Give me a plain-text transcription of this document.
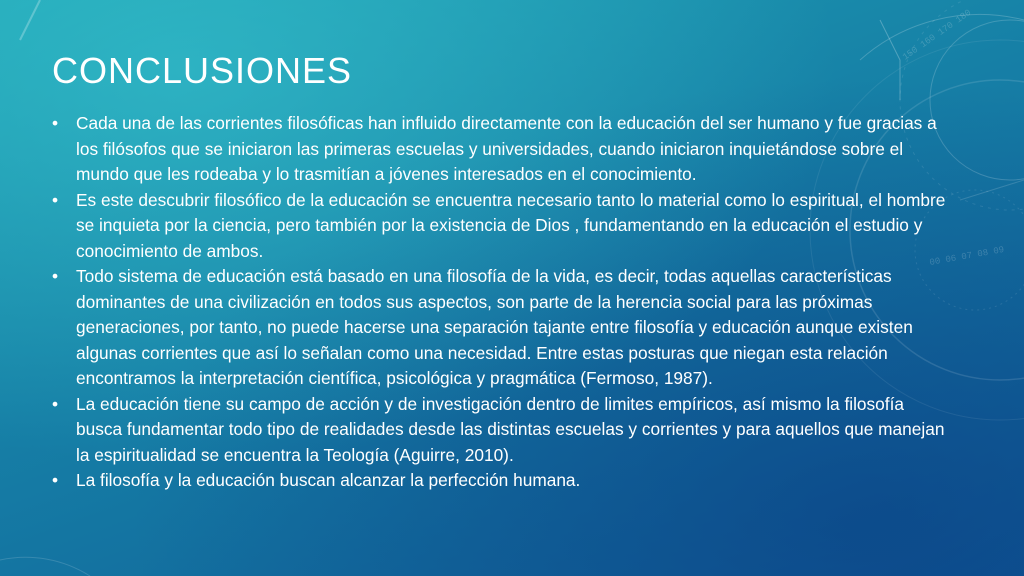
150 160 170 180
00 06 07 08 09
CONCLUSIONES
•	Cada una de las corrientes filosóficas han influido directamente con la educación del ser humano y fue gracias a los filósofos que se iniciaron las primeras escuelas y universidades, cuando iniciaron inquietándose sobre el mundo que les rodeaba y lo trasmitían a jóvenes interesados en el conocimiento.
•	Es este descubrir filosófico de la educación se encuentra necesario tanto lo material como lo espiritual, el hombre se inquieta por la ciencia, pero también por la existencia de Dios , fundamentando en la educación el estudio y conocimiento de ambos.
•	Todo sistema de educación está basado en una filosofía de la vida, es decir, todas aquellas características dominantes de una civilización en todos sus aspectos, son parte de la herencia social para las próximas generaciones, por tanto, no puede hacerse una separación tajante entre filosofía y educación aunque existen algunas corrientes que así lo señalan como una necesidad. Entre estas posturas que niegan esta relación encontramos la interpretación científica, psicológica y pragmática (Fermoso, 1987).
•	La educación tiene su campo de acción y de investigación dentro de limites empíricos, así mismo la filosofía busca fundamentar todo tipo de realidades desde las distintas escuelas y corrientes y para aquellos que manejan la espiritualidad se encuentra la Teología (Aguirre, 2010).
•	La filosofía y la educación buscan alcanzar la perfección humana.
